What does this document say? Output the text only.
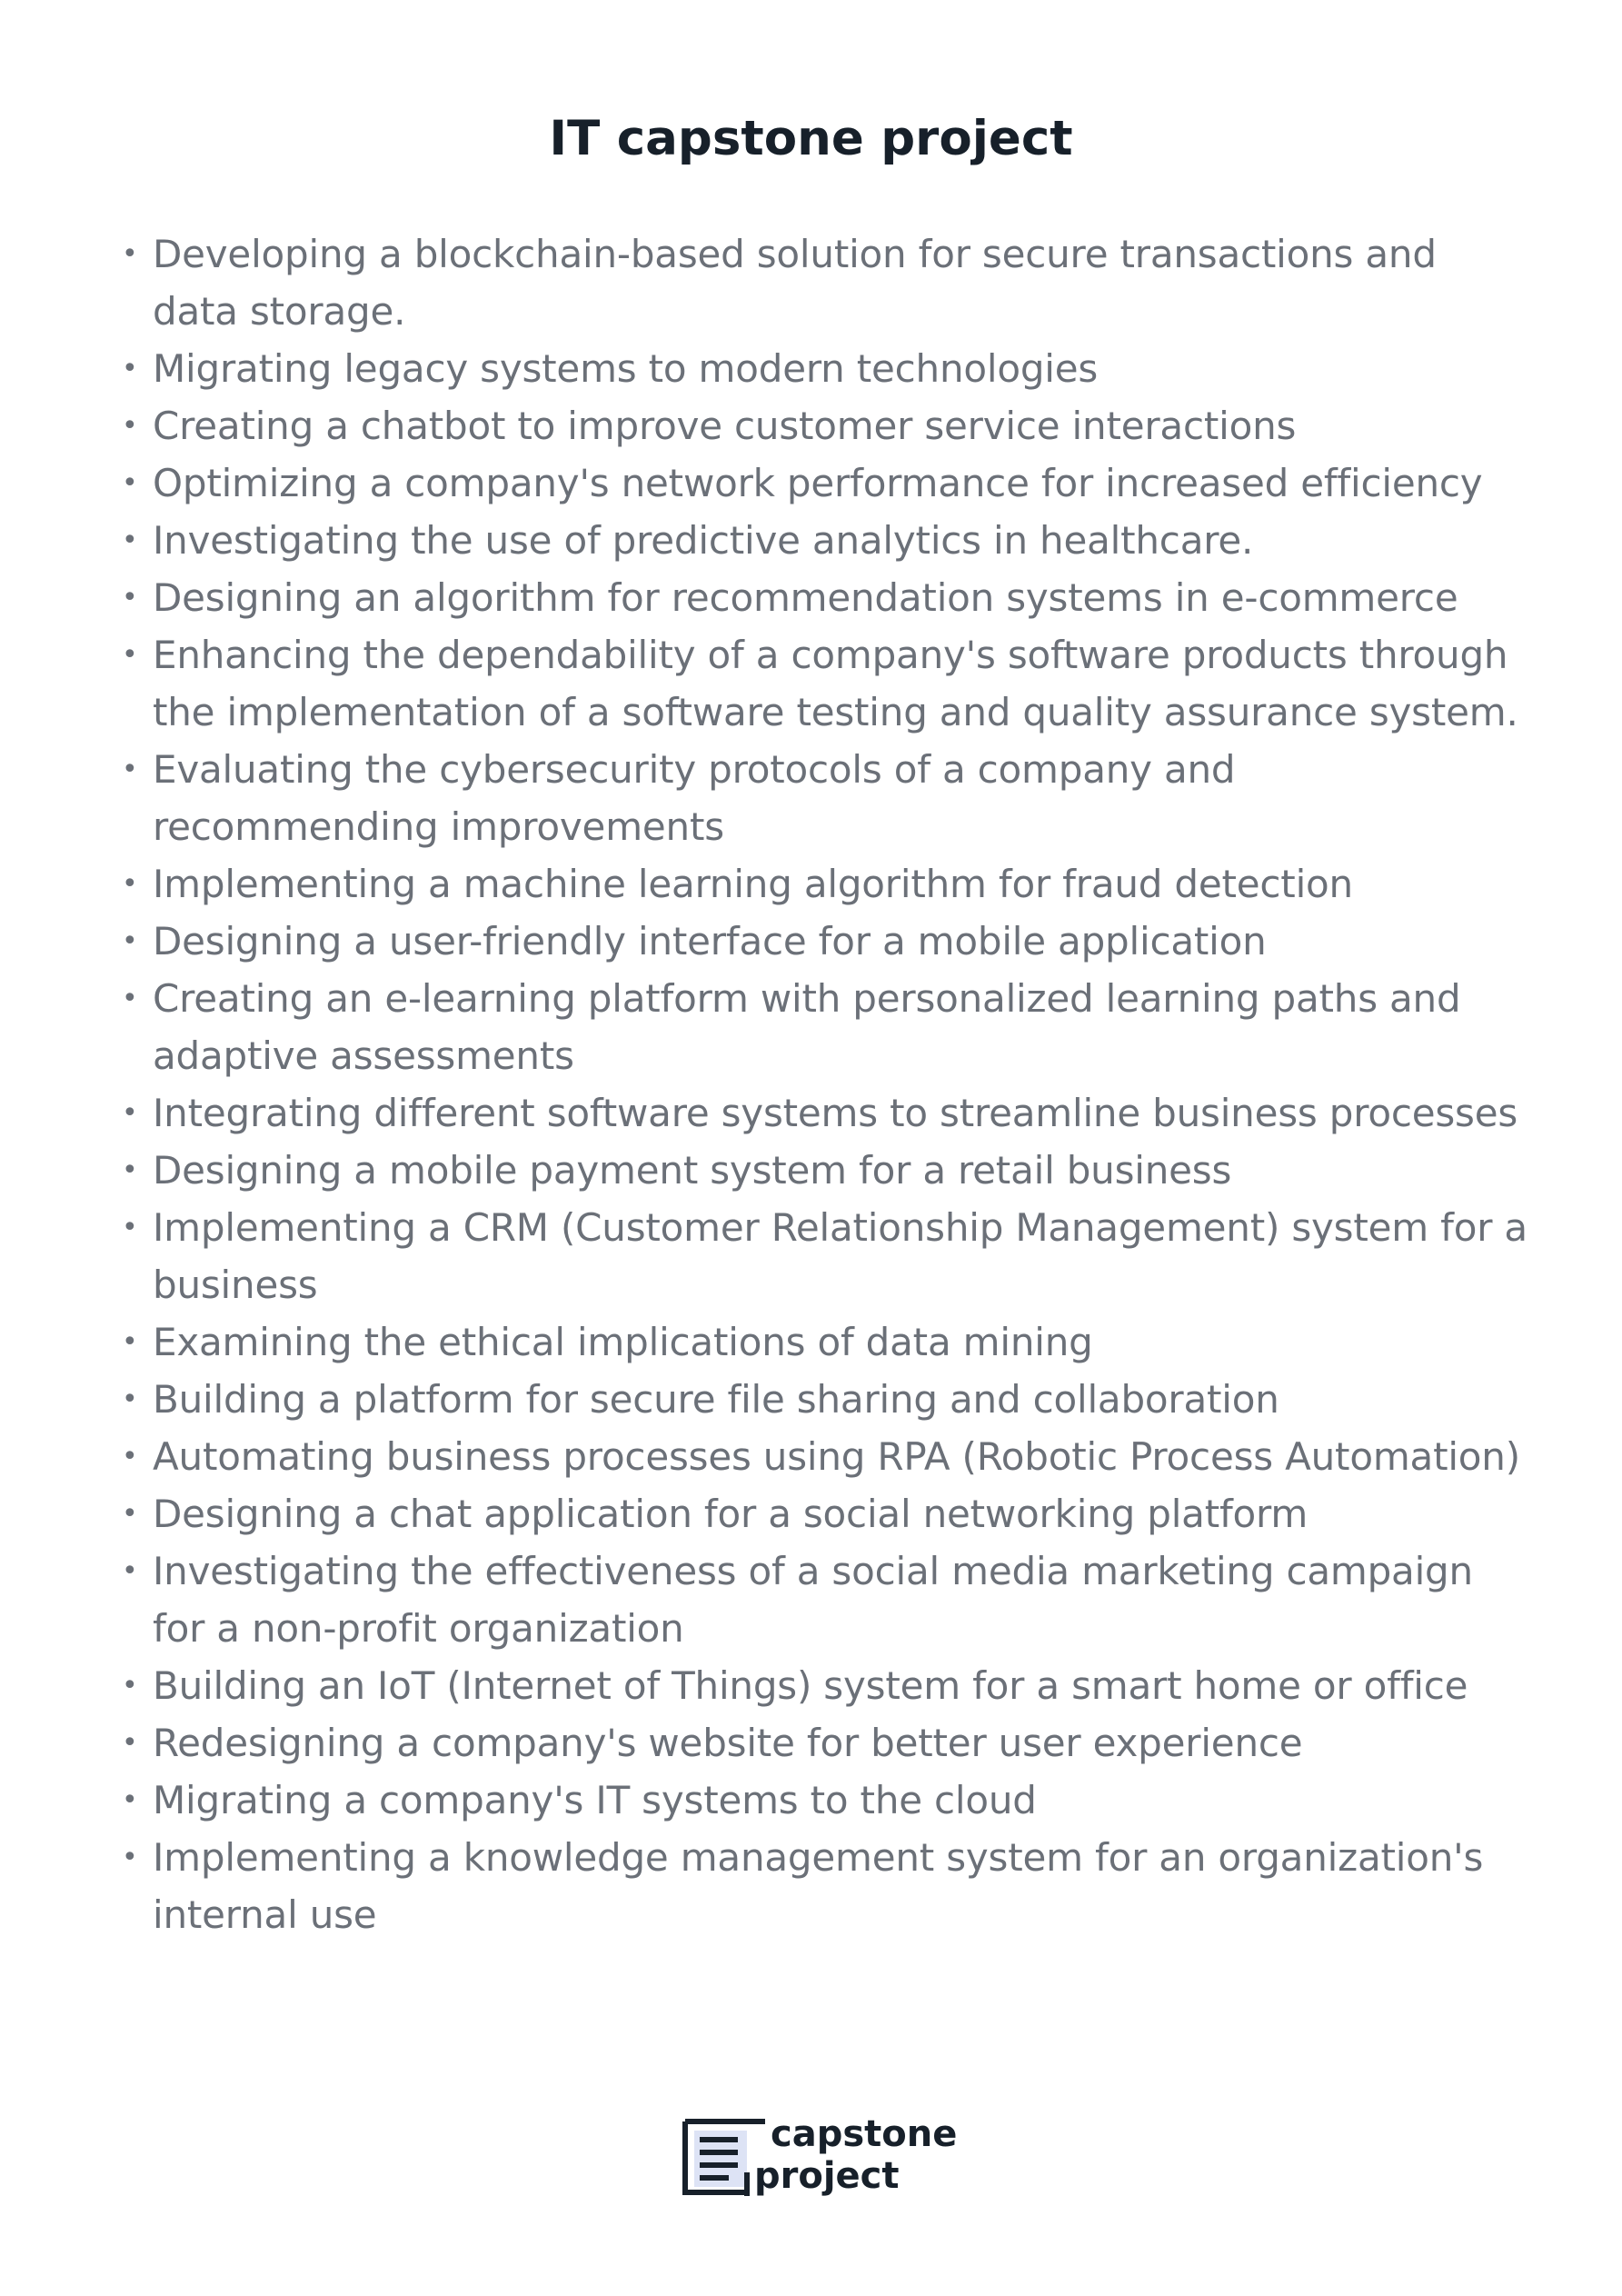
IT capstone project
• Developing a blockchain-based solution for secure transactions and data storage.
• Migrating legacy systems to modern technologies
• Creating a chatbot to improve customer service interactions
• Optimizing a company's network performance for increased efficiency
• Investigating the use of predictive analytics in healthcare.
• Designing an algorithm for recommendation systems in e-commerce
• Enhancing the dependability of a company's software products through the implementation of a software testing and quality assurance system.
• Evaluating the cybersecurity protocols of a company and recommending improvements
• Implementing a machine learning algorithm for fraud detection
• Designing a user-friendly interface for a mobile application
• Creating an e-learning platform with personalized learning paths and adaptive assessments
• Integrating different software systems to streamline business processes
• Designing a mobile payment system for a retail business
• Implementing a CRM (Customer Relationship Management) system for a business
• Examining the ethical implications of data mining
• Building a platform for secure file sharing and collaboration
• Automating business processes using RPA (Robotic Process Automation)
• Designing a chat application for a social networking platform
• Investigating the effectiveness of a social media marketing campaign for a non-profit organization
• Building an IoT (Internet of Things) system for a smart home or office
• Redesigning a company's website for better user experience
• Migrating a company's IT systems to the cloud
• Implementing a knowledge management system for an organization's internal use
capstone
project
